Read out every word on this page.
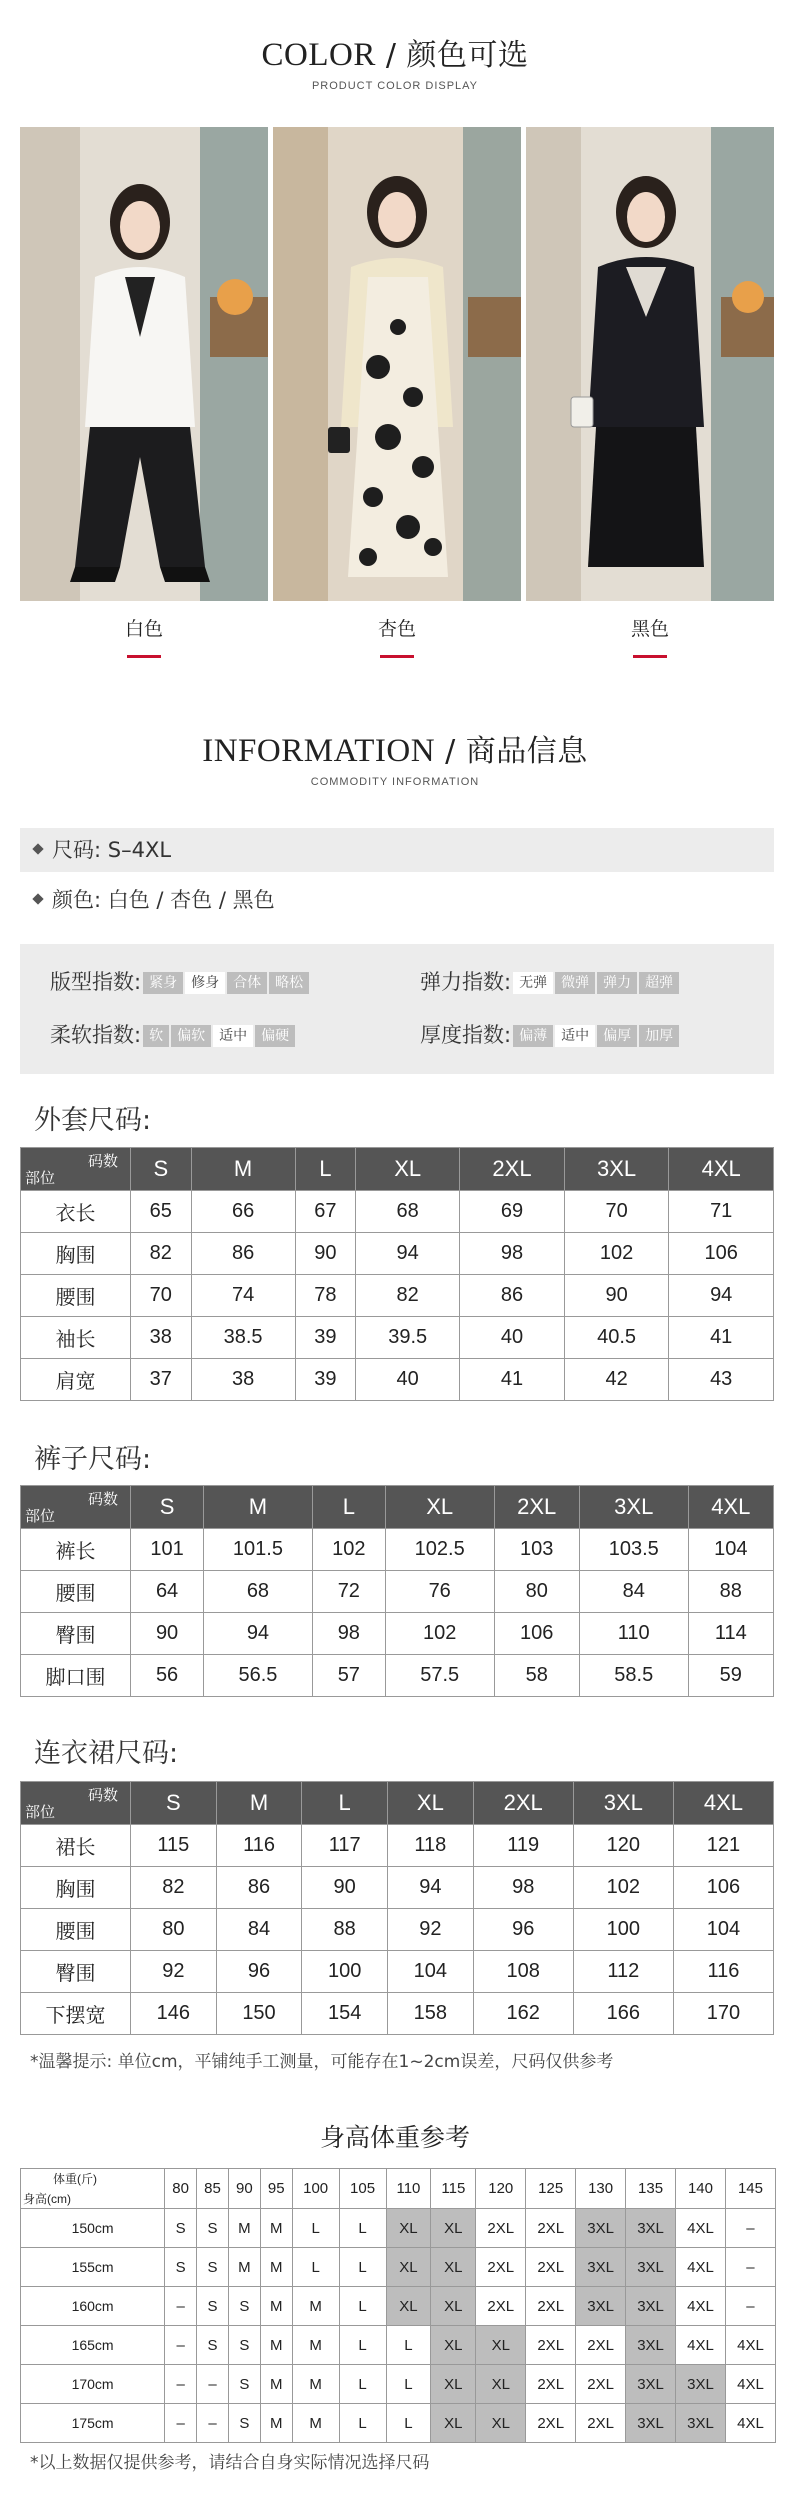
COLOR / 颜色可选
PRODUCT COLOR DISPLAY
白色	杏色	黑色
INFORMATION / 商品信息
COMMODITY INFORMATION
尺码: S–4XL
颜色: 白色 / 杏色 / 黑色
版型指数: 紧身 修身 合体 略松	弹力指数: 无弹 微弹 弹力 超弹
柔软指数: 软 偏软 适中 偏硬	厚度指数: 偏薄 适中 偏厚 加厚
外套尺码:
码数
部位	S	M	L	XL	2XL	3XL	4XL
衣长	65	66	67	68	69	70	71
胸围	82	86	90	94	98	102	106
腰围	70	74	78	82	86	90	94
袖长	38	38.5	39	39.5	40	40.5	41
肩宽	37	38	39	40	41	42	43
裤子尺码:
码数
部位	S	M	L	XL	2XL	3XL	4XL
裤长	101	101.5	102	102.5	103	103.5	104
腰围	64	68	72	76	80	84	88
臀围	90	94	98	102	106	110	114
脚口围	56	56.5	57	57.5	58	58.5	59
连衣裙尺码:
码数
部位	S	M	L	XL	2XL	3XL	4XL
裙长	115	116	117	118	119	120	121
胸围	82	86	90	94	98	102	106
腰围	80	84	88	92	96	100	104
臀围	92	96	100	104	108	112	116
下摆宽	146	150	154	158	162	166	170
*温馨提示: 单位cm，平铺纯手工测量，可能存在1~2cm误差，尺码仅供参考
身高体重参考
体重(斤)
身高(cm)	80	85	90	95	100	105	110	115	120	125	130	135	140	145
150cm	S	S	M	M	L	L	XL	XL	2XL	2XL	3XL	3XL	4XL	–
155cm	S	S	M	M	L	L	XL	XL	2XL	2XL	3XL	3XL	4XL	–
160cm	–	S	S	M	M	L	XL	XL	2XL	2XL	3XL	3XL	4XL	–
165cm	–	S	S	M	M	L	L	XL	XL	2XL	2XL	3XL	4XL	4XL
170cm	–	–	S	M	M	L	L	XL	XL	2XL	2XL	3XL	3XL	4XL
175cm	–	–	S	M	M	L	L	XL	XL	2XL	2XL	3XL	3XL	4XL
*以上数据仅提供参考，请结合自身实际情况选择尺码
